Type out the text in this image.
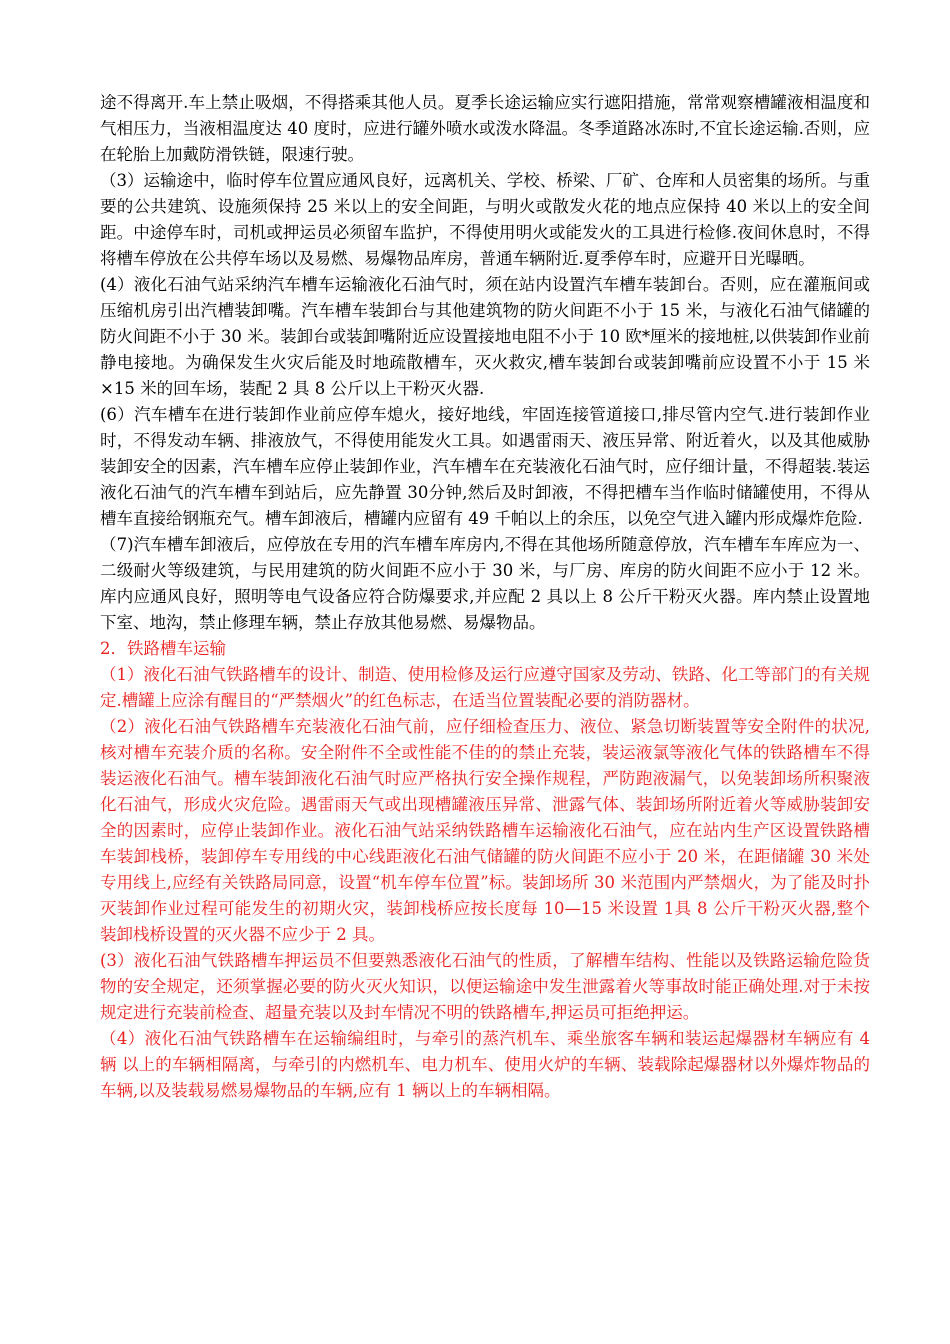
途不得离开.车上禁止吸烟，不得搭乘其他人员。夏季长途运输应实行遮阳措施，常常观察槽罐液相温度和气相压力，当液相温度达 40 度时，应进行罐外喷水或泼水降温。冬季道路冰冻时,不宜长途运输.否则，应在轮胎上加戴防滑铁链，限速行驶。

（3）运输途中，临时停车位置应通风良好，远离机关、学校、桥梁、厂矿、仓库和人员密集的场所。与重要的公共建筑、设施须保持 25 米以上的安全间距，与明火或散发火花的地点应保持 40 米以上的安全间距。中途停车时，司机或押运员必须留车监护，不得使用明火或能发火的工具进行检修.夜间休息时，不得将槽车停放在公共停车场以及易燃、易爆物品库房，普通车辆附近.夏季停车时，应避开日光曝晒。

(4）液化石油气站采纳汽车槽车运输液化石油气时，须在站内设置汽车槽车装卸台。否则，应在灌瓶间或压缩机房引出汽槽装卸嘴。汽车槽车装卸台与其他建筑物的防火间距不小于 15 米，与液化石油气储罐的防火间距不小于 30 米。装卸台或装卸嘴附近应设置接地电阻不小于 10 欧*厘米的接地桩,以供装卸作业前静电接地。为确保发生火灾后能及时地疏散槽车，灭火救灾,槽车装卸台或装卸嘴前应设置不小于 15 米×15 米的回车场，装配 2 具 8 公斤以上干粉灭火器.

(6）汽车槽车在进行装卸作业前应停车熄火，接好地线，牢固连接管道接口,排尽管内空气.进行装卸作业时，不得发动车辆、排液放气，不得使用能发火工具。如遇雷雨天、液压异常、附近着火，以及其他威胁装卸安全的因素，汽车槽车应停止装卸作业，汽车槽车在充装液化石油气时，应仔细计量，不得超装.装运液化石油气的汽车槽车到站后，应先静置 30分钟,然后及时卸液，不得把槽车当作临时储罐使用，不得从槽车直接给钢瓶充气。槽车卸液后，槽罐内应留有 49 千帕以上的余压，以免空气进入罐内形成爆炸危险.

（7)汽车槽车卸液后，应停放在专用的汽车槽车库房内,不得在其他场所随意停放，汽车槽车车库应为一、二级耐火等级建筑，与民用建筑的防火间距不应小于 30 米，与厂房、库房的防火间距不应小于 12 米。库内应通风良好，照明等电气设备应符合防爆要求,并应配 2 具以上 8 公斤干粉灭火器。库内禁止设置地下室、地沟，禁止修理车辆，禁止存放其他易燃、易爆物品。

2．铁路槽车运输

（1）液化石油气铁路槽车的设计、制造、使用检修及运行应遵守国家及劳动、铁路、化工等部门的有关规定.槽罐上应涂有醒目的“严禁烟火”的红色标志，在适当位置装配必要的消防器材。

（2）液化石油气铁路槽车充装液化石油气前，应仔细检查压力、液位、紧急切断装置等安全附件的状况,核对槽车充装介质的名称。安全附件不全或性能不佳的的禁止充装，装运液氯等液化气体的铁路槽车不得装运液化石油气。槽车装卸液化石油气时应严格执行安全操作规程，严防跑液漏气，以免装卸场所积聚液化石油气，形成火灾危险。遇雷雨天气或出现槽罐液压异常、泄露气体、装卸场所附近着火等威胁装卸安全的因素时，应停止装卸作业。液化石油气站采纳铁路槽车运输液化石油气，应在站内生产区设置铁路槽车装卸栈桥，装卸停车专用线的中心线距液化石油气储罐的防火间距不应小于 20 米，在距储罐 30 米处专用线上,应经有关铁路局同意，设置“机车停车位置”标。装卸场所 30 米范围内严禁烟火，为了能及时扑灭装卸作业过程可能发生的初期火灾，装卸栈桥应按长度每 10—15 米设置 1具 8 公斤干粉灭火器,整个装卸栈桥设置的灭火器不应少于 2 具。

(3）液化石油气铁路槽车押运员不但要熟悉液化石油气的性质，了解槽车结构、性能以及铁路运输危险货物的安全规定，还须掌握必要的防火灭火知识，以便运输途中发生泄露着火等事故时能正确处理.对于未按规定进行充装前检查、超量充装以及封车情况不明的铁路槽车,押运员可拒绝押运。

（4）液化石油气铁路槽车在运输编组时，与牵引的蒸汽机车、乘坐旅客车辆和装运起爆器材车辆应有 4 辆 以上的车辆相隔离，与牵引的内燃机车、电力机车、使用火炉的车辆、装载除起爆器材以外爆炸物品的车辆,以及装载易燃易爆物品的车辆,应有 1 辆以上的车辆相隔。
